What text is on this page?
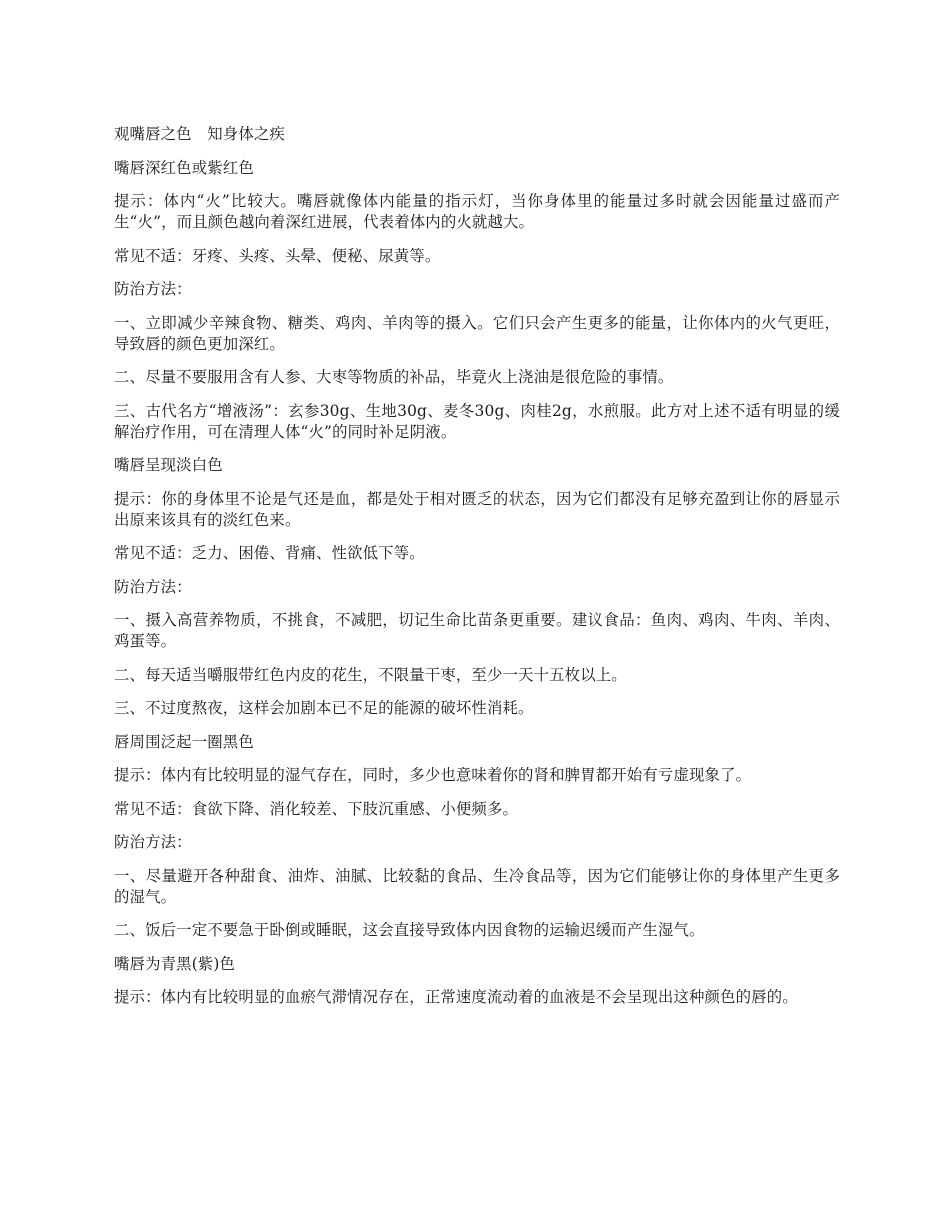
观嘴唇之色　知身体之疾

嘴唇深红色或紫红色

提示：体内“火”比较大。嘴唇就像体内能量的指示灯，当你身体里的能量过多时就会因能量过盛而产生“火”，而且颜色越向着深红进展，代表着体内的火就越大。

常见不适：牙疼、头疼、头晕、便秘、尿黄等。

防治方法：

一、立即减少辛辣食物、糖类、鸡肉、羊肉等的摄入。它们只会产生更多的能量，让你体内的火气更旺，导致唇的颜色更加深红。

二、尽量不要服用含有人参、大枣等物质的补品，毕竟火上浇油是很危险的事情。

三、古代名方“增液汤”：玄参30g、生地30g、麦冬30g、肉桂2g，水煎服。此方对上述不适有明显的缓解治疗作用，可在清理人体“火”的同时补足阴液。

嘴唇呈现淡白色

提示：你的身体里不论是气还是血，都是处于相对匮乏的状态，因为它们都没有足够充盈到让你的唇显示出原来该具有的淡红色来。

常见不适：乏力、困倦、背痛、性欲低下等。

防治方法：

一、摄入高营养物质，不挑食，不减肥，切记生命比苗条更重要。建议食品：鱼肉、鸡肉、牛肉、羊肉、鸡蛋等。

二、每天适当嚼服带红色内皮的花生，不限量干枣，至少一天十五枚以上。

三、不过度熬夜，这样会加剧本已不足的能源的破坏性消耗。

唇周围泛起一圈黑色

提示：体内有比较明显的湿气存在，同时，多少也意味着你的肾和脾胃都开始有亏虚现象了。

常见不适：食欲下降、消化较差、下肢沉重感、小便频多。

防治方法：

一、尽量避开各种甜食、油炸、油腻、比较黏的食品、生冷食品等，因为它们能够让你的身体里产生更多的湿气。

二、饭后一定不要急于卧倒或睡眠，这会直接导致体内因食物的运输迟缓而产生湿气。

嘴唇为青黑(紫)色

提示：体内有比较明显的血瘀气滞情况存在，正常速度流动着的血液是不会呈现出这种颜色的唇的。
